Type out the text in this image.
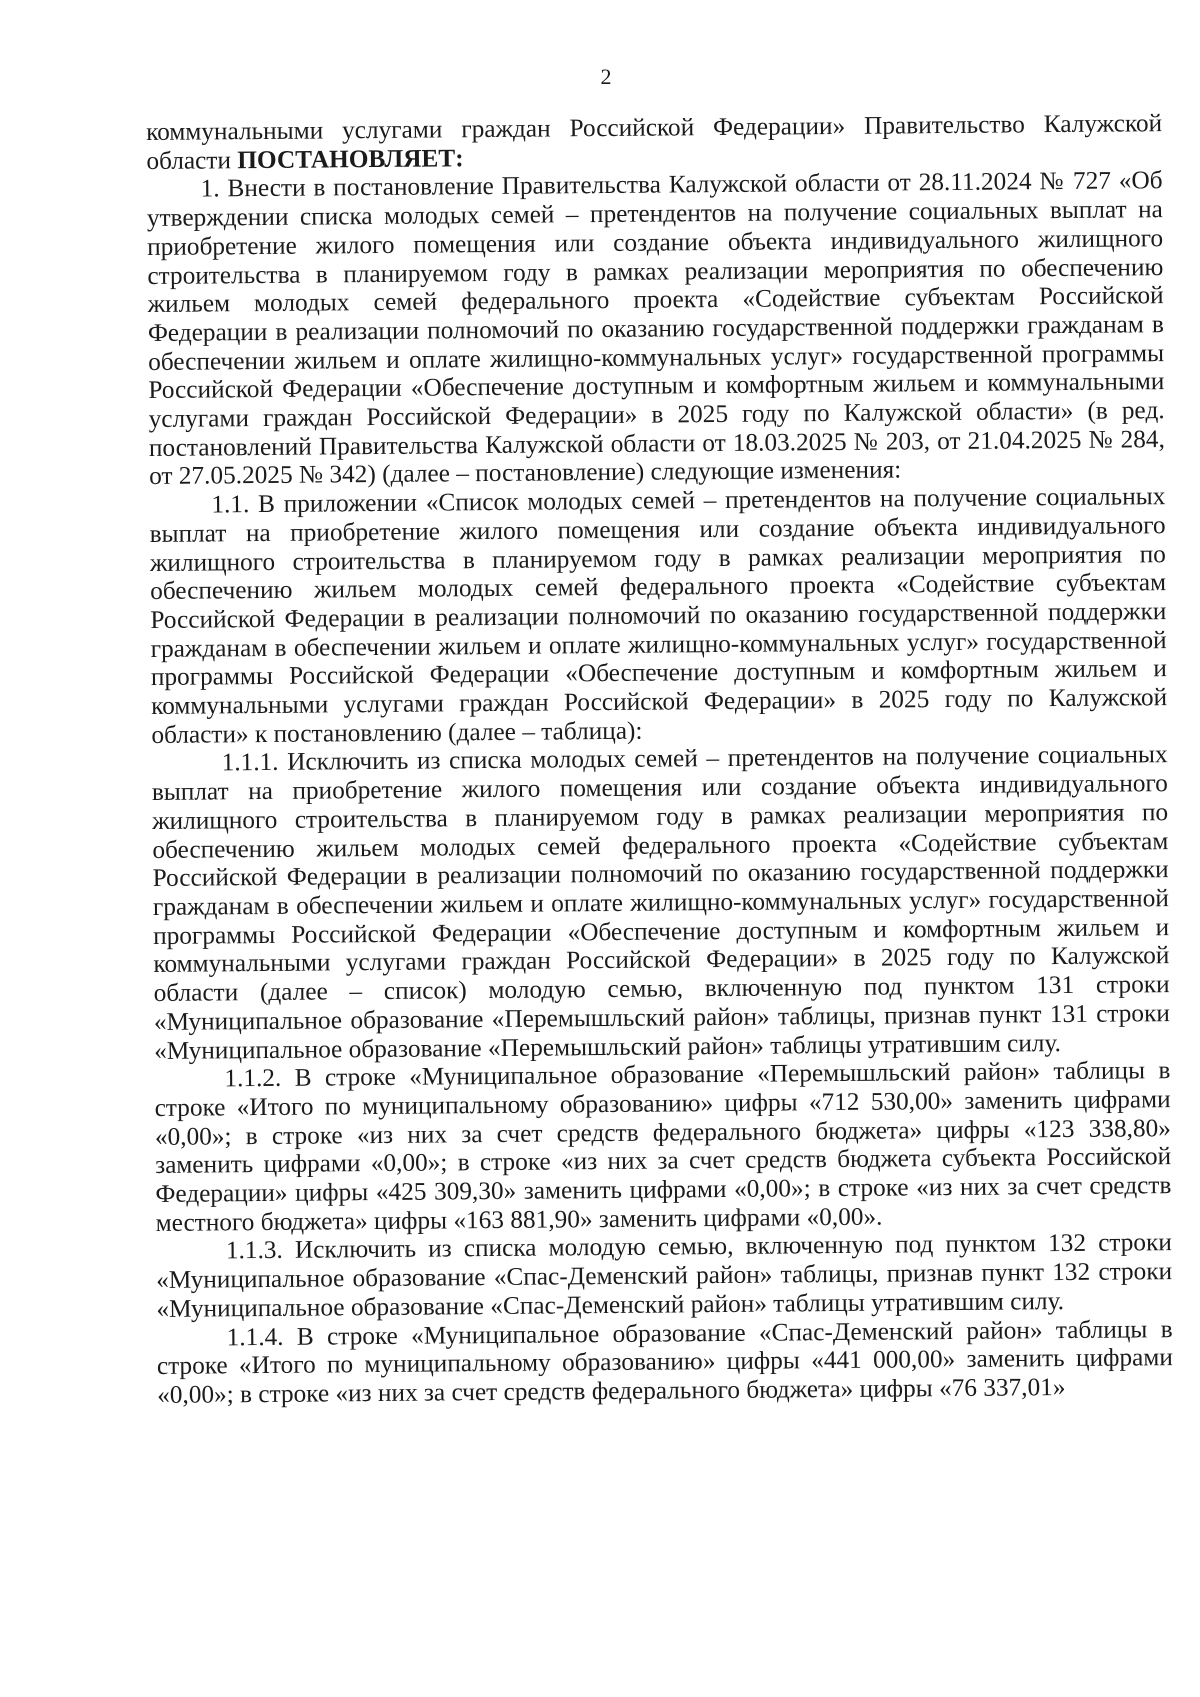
2

коммунальными услугами граждан Российской Федерации» Правительство Калужской области ПОСТАНОВЛЯЕТ:

1. Внести в постановление Правительства Калужской области от 28.11.2024 № 727 «Об утверждении списка молодых семей – претендентов на получение социальных выплат на приобретение жилого помещения или создание объекта индивидуального жилищного строительства в планируемом году в рамках реализации мероприятия по обеспечению жильем молодых семей федерального проекта «Содействие субъектам Российской Федерации в реализации полномочий по оказанию государственной поддержки гражданам в обеспечении жильем и оплате жилищно-коммунальных услуг» государственной программы Российской Федерации «Обеспечение доступным и комфортным жильем и коммунальными услугами граждан Российской Федерации» в 2025 году по Калужской области» (в ред. постановлений Правительства Калужской области от 18.03.2025 № 203, от 21.04.2025 № 284, от 27.05.2025 № 342) (далее – постановление) следующие изменения:

1.1. В приложении «Список молодых семей – претендентов на получение социальных выплат на приобретение жилого помещения или создание объекта индивидуального жилищного строительства в планируемом году в рамках реализации мероприятия по обеспечению жильем молодых семей федерального проекта «Содействие субъектам Российской Федерации в реализации полномочий по оказанию государственной поддержки гражданам в обеспечении жильем и оплате жилищно-коммунальных услуг» государственной программы Российской Федерации «Обеспечение доступным и комфортным жильем и коммунальными услугами граждан Российской Федерации» в 2025 году по Калужской области» к постановлению (далее – таблица):

1.1.1. Исключить из списка молодых семей – претендентов на получение социальных выплат на приобретение жилого помещения или создание объекта индивидуального жилищного строительства в планируемом году в рамках реализации мероприятия по обеспечению жильем молодых семей федерального проекта «Содействие субъектам Российской Федерации в реализации полномочий по оказанию государственной поддержки гражданам в обеспечении жильем и оплате жилищно-коммунальных услуг» государственной программы Российской Федерации «Обеспечение доступным и комфортным жильем и коммунальными услугами граждан Российской Федерации» в 2025 году по Калужской области (далее – список) молодую семью, включенную под пунктом 131 строки «Муниципальное образование «Перемышльский район» таблицы, признав пункт 131 строки «Муниципальное образование «Перемышльский район» таблицы утратившим силу.

1.1.2. В строке «Муниципальное образование «Перемышльский район» таблицы в строке «Итого по муниципальному образованию» цифры «712 530,00» заменить цифрами «0,00»; в строке «из них за счет средств федерального бюджета» цифры «123 338,80» заменить цифрами «0,00»; в строке «из них за счет средств бюджета субъекта Российской Федерации» цифры «425 309,30» заменить цифрами «0,00»; в строке «из них за счет средств местного бюджета» цифры «163 881,90» заменить цифрами «0,00».

1.1.3. Исключить из списка молодую семью, включенную под пунктом 132 строки «Муниципальное образование «Спас-Деменский район» таблицы, признав пункт 132 строки «Муниципальное образование «Спас-Деменский район» таблицы утратившим силу.

1.1.4. В строке «Муниципальное образование «Спас-Деменский район» таблицы в строке «Итого по муниципальному образованию» цифры «441 000,00» заменить цифрами «0,00»; в строке «из них за счет средств федерального бюджета» цифры «76 337,01»
